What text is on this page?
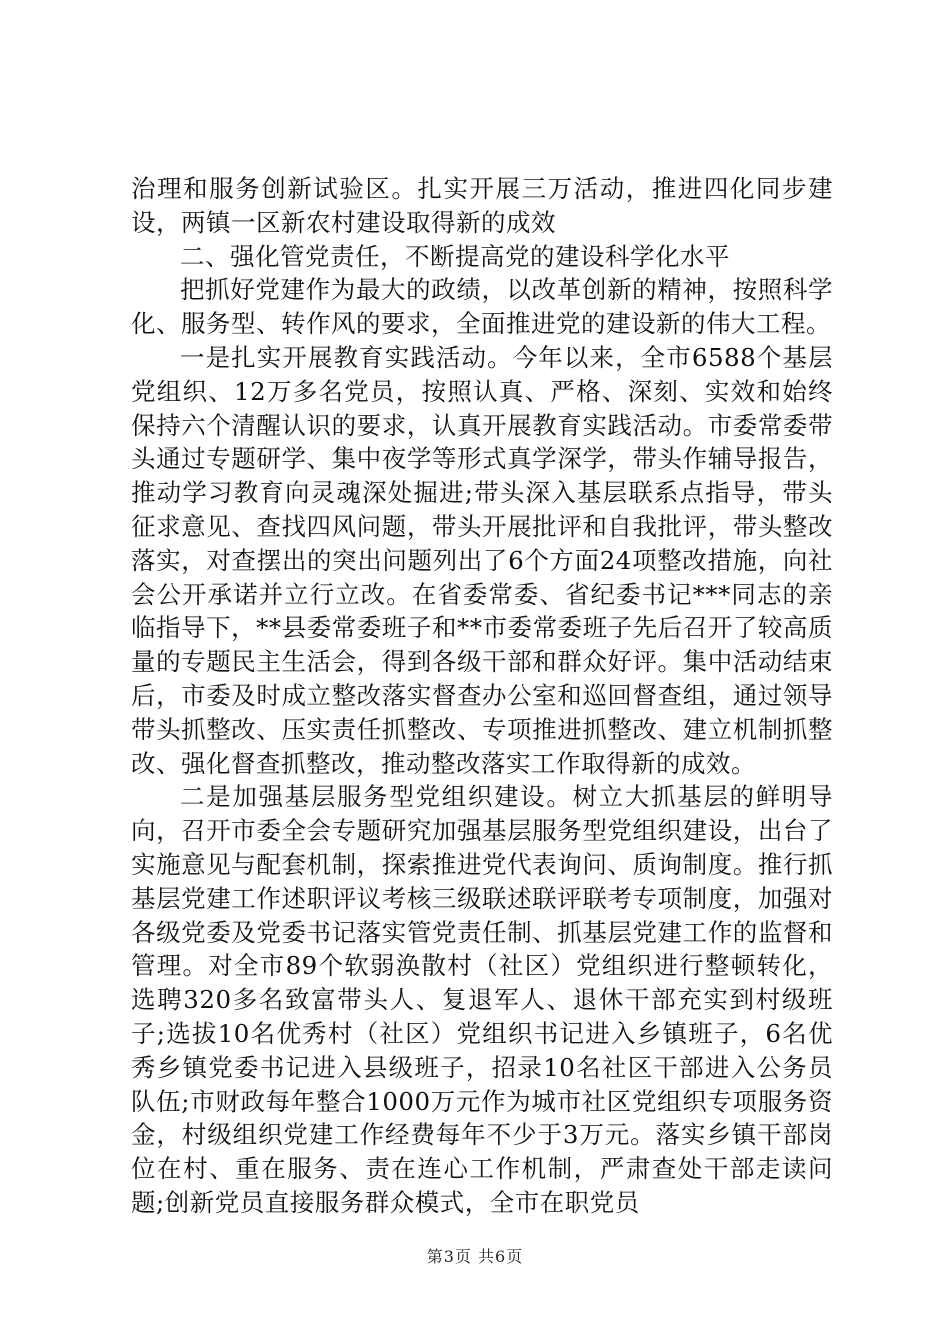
治理和服务创新试验区。扎实开展三万活动，推进四化同步建设，两镇一区新农村建设取得新的成效

二、强化管党责任，不断提高党的建设科学化水平

把抓好党建作为最大的政绩，以改革创新的精神，按照科学化、服务型、转作风的要求，全面推进党的建设新的伟大工程。

一是扎实开展教育实践活动。今年以来，全市6588个基层党组织、12万多名党员，按照认真、严格、深刻、实效和始终保持六个清醒认识的要求，认真开展教育实践活动。市委常委带头通过专题研学、集中夜学等形式真学深学，带头作辅导报告，推动学习教育向灵魂深处掘进;带头深入基层联系点指导，带头征求意见、查找四风问题，带头开展批评和自我批评，带头整改落实，对查摆出的突出问题列出了6个方面24项整改措施，向社会公开承诺并立行立改。在省委常委、省纪委书记***同志的亲临指导下，**县委常委班子和**市委常委班子先后召开了较高质量的专题民主生活会，得到各级干部和群众好评。集中活动结束后，市委及时成立整改落实督查办公室和巡回督查组，通过领导带头抓整改、压实责任抓整改、专项推进抓整改、建立机制抓整改、强化督查抓整改，推动整改落实工作取得新的成效。

二是加强基层服务型党组织建设。树立大抓基层的鲜明导向，召开市委全会专题研究加强基层服务型党组织建设，出台了实施意见与配套机制，探索推进党代表询问、质询制度。推行抓基层党建工作述职评议考核三级联述联评联考专项制度，加强对各级党委及党委书记落实管党责任制、抓基层党建工作的监督和管理。对全市89个软弱涣散村（社区）党组织进行整顿转化，选聘320多名致富带头人、复退军人、退休干部充实到村级班子;选拔10名优秀村（社区）党组织书记进入乡镇班子，6名优秀乡镇党委书记进入县级班子，招录10名社区干部进入公务员队伍;市财政每年整合1000万元作为城市社区党组织专项服务资金，村级组织党建工作经费每年不少于3万元。落实乡镇干部岗位在村、重在服务、责在连心工作机制，严肃查处干部走读问题;创新党员直接服务群众模式，全市在职党员

第3页 共6页
